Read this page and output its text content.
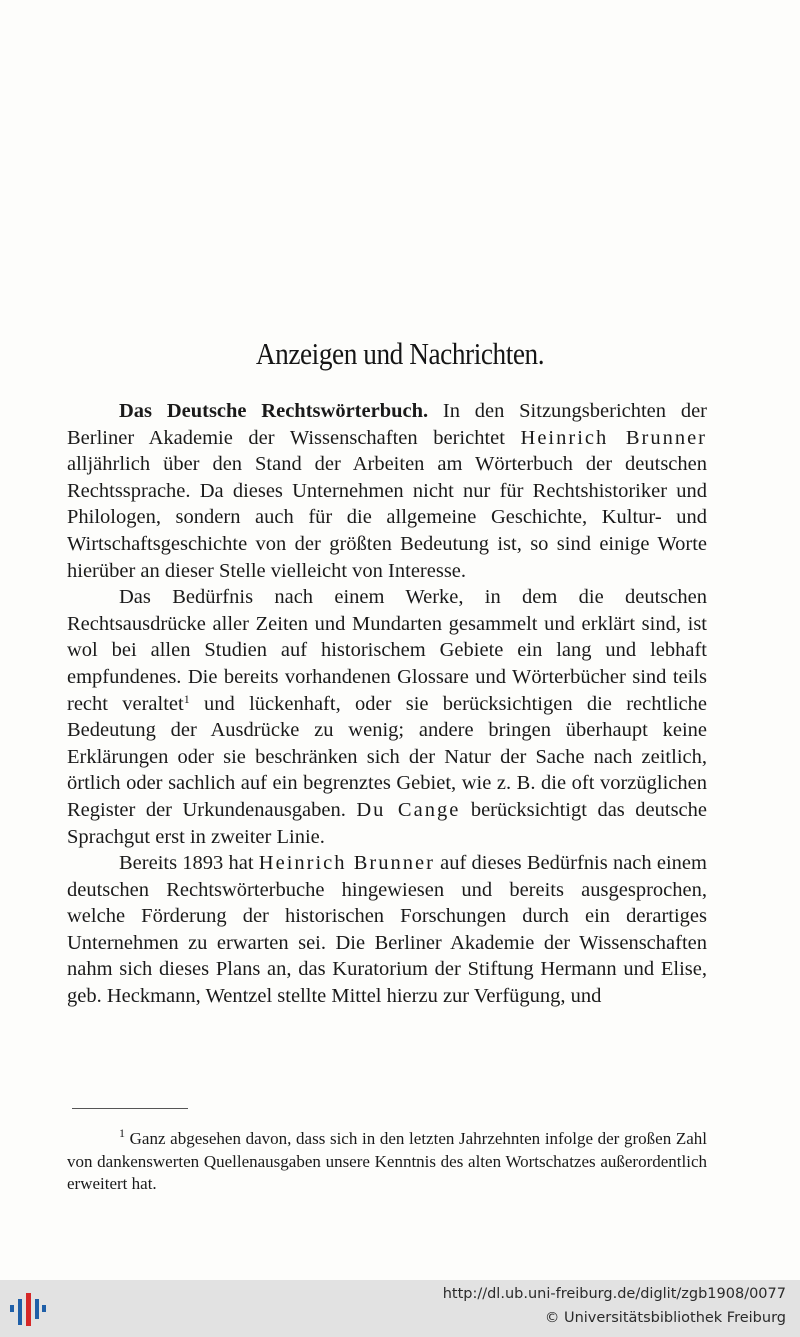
Anzeigen und Nachrichten.

Das Deutsche Rechtswörterbuch. In den Sitzungsberichten der Berliner Akademie der Wissenschaften berichtet Heinrich Brunner alljährlich über den Stand der Arbeiten am Wörterbuch der deutschen Rechtssprache. Da dieses Unternehmen nicht nur für Rechtshistoriker und Philologen, sondern auch für die allgemeine Geschichte, Kultur- und Wirtschaftsgeschichte von der größten Bedeutung ist, so sind einige Worte hierüber an dieser Stelle vielleicht von Interesse.

Das Bedürfnis nach einem Werke, in dem die deutschen Rechtsausdrücke aller Zeiten und Mundarten gesammelt und erklärt sind, ist wol bei allen Studien auf historischem Gebiete ein lang und lebhaft empfundenes. Die bereits vorhandenen Glossare und Wörterbücher sind teils recht veraltet$^1$ und lückenhaft, oder sie berücksichtigen die rechtliche Bedeutung der Ausdrücke zu wenig; andere bringen überhaupt keine Erklärungen oder sie beschränken sich der Natur der Sache nach zeitlich, örtlich oder sachlich auf ein begrenztes Gebiet, wie z. B. die oft vorzüglichen Register der Urkundenausgaben. Du Cange berücksichtigt das deutsche Sprachgut erst in zweiter Linie.

Bereits 1893 hat Heinrich Brunner auf dieses Bedürfnis nach einem deutschen Rechtswörterbuche hingewiesen und bereits ausgesprochen, welche Förderung der historischen Forschungen durch ein derartiges Unternehmen zu erwarten sei. Die Berliner Akademie der Wissenschaften nahm sich dieses Plans an, das Kuratorium der Stiftung Hermann und Elise, geb. Heckmann, Wentzel stellte Mittel hierzu zur Verfügung, und

$^1$ Ganz abgesehen davon, dass sich in den letzten Jahrzehnten infolge der großen Zahl von dankenswerten Quellenausgaben unsere Kenntnis des alten Wortschatzes außerordentlich erweitert hat.

http://dl.ub.uni-freiburg.de/diglit/zgb1908/0077
© Universitätsbibliothek Freiburg
